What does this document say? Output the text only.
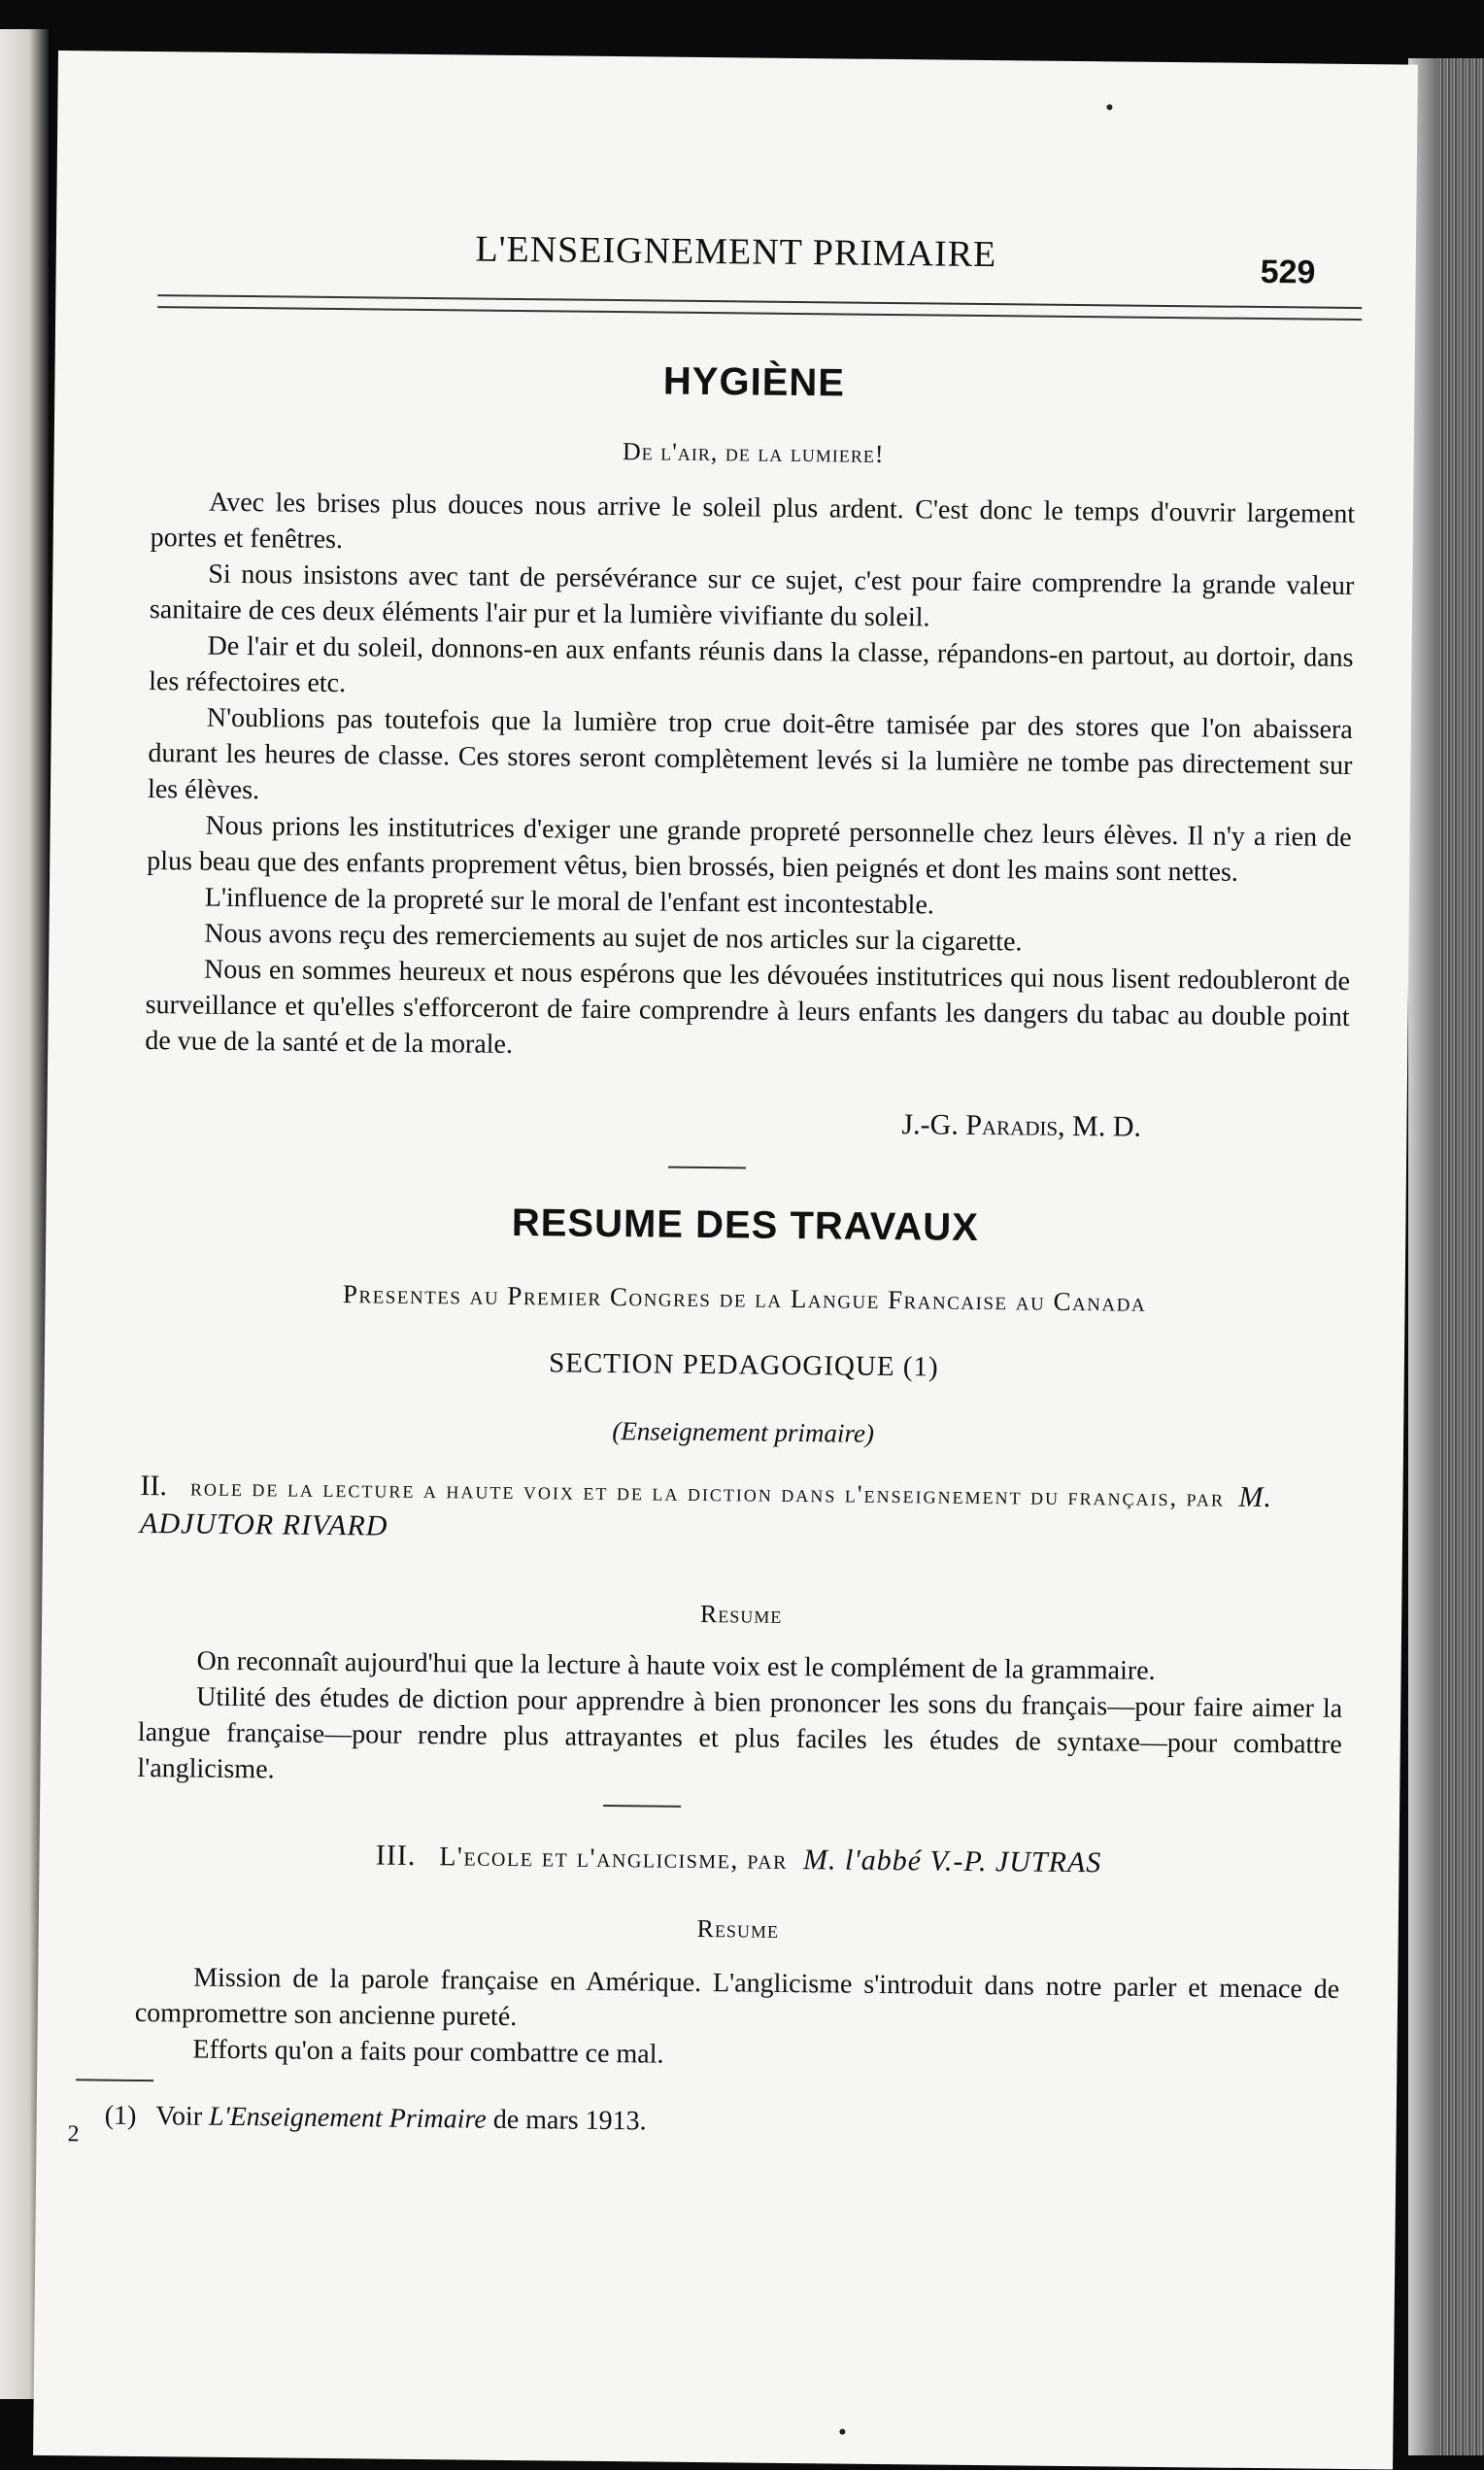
L'ENSEIGNEMENT PRIMAIRE	529
HYGIÈNE
De l'air, de la lumiere!

Avec les brises plus douces nous arrive le soleil plus ardent. C'est donc le temps d'ouvrir largement portes et fenêtres.

Si nous insistons avec tant de persévérance sur ce sujet, c'est pour faire comprendre la grande valeur sanitaire de ces deux éléments l'air pur et la lumière vivifiante du soleil.

De l'air et du soleil, donnons-en aux enfants réunis dans la classe, répandons-en partout, au dortoir, dans les réfectoires etc.

N'oublions pas toutefois que la lumière trop crue doit-être tamisée par des stores que l'on abaissera durant les heures de classe. Ces stores seront complètement levés si la lumière ne tombe pas directement sur les élèves.

Nous prions les institutrices d'exiger une grande propreté personnelle chez leurs élèves. Il n'y a rien de plus beau que des enfants proprement vêtus, bien brossés, bien peignés et dont les mains sont nettes.

L'influence de la propreté sur le moral de l'enfant est incontestable.

Nous avons reçu des remerciements au sujet de nos articles sur la cigarette.

Nous en sommes heureux et nous espérons que les dévouées institutrices qui nous lisent redoubleront de surveillance et qu'elles s'efforceront de faire comprendre à leurs enfants les dangers du tabac au double point de vue de la santé et de la morale.

J.-G. Paradis, M. D.
RESUME DES TRAVAUX
Presentes au Premier Congres de la Langue Francaise au Canada
SECTION PEDAGOGIQUE (1)
(Enseignement primaire)
II. role de la lecture a haute voix et de la diction dans l'enseignement du français, par M. ADJUTOR RIVARD
Resume

On reconnaît aujourd'hui que la lecture à haute voix est le complément de la grammaire.

Utilité des études de diction pour apprendre à bien prononcer les sons du français—pour faire aimer la langue française—pour rendre plus attrayantes et plus faciles les études de syntaxe—pour combattre l'anglicisme.

III. L'ecole et l'anglicisme, par M. l'abbé V.-P. JUTRAS
Resume

Mission de la parole française en Amérique. L'anglicisme s'introduit dans notre parler et menace de compromettre son ancienne pureté.

Efforts qu'on a faits pour combattre ce mal.

(1) Voir L'Enseignement Primaire de mars 1913.
2
